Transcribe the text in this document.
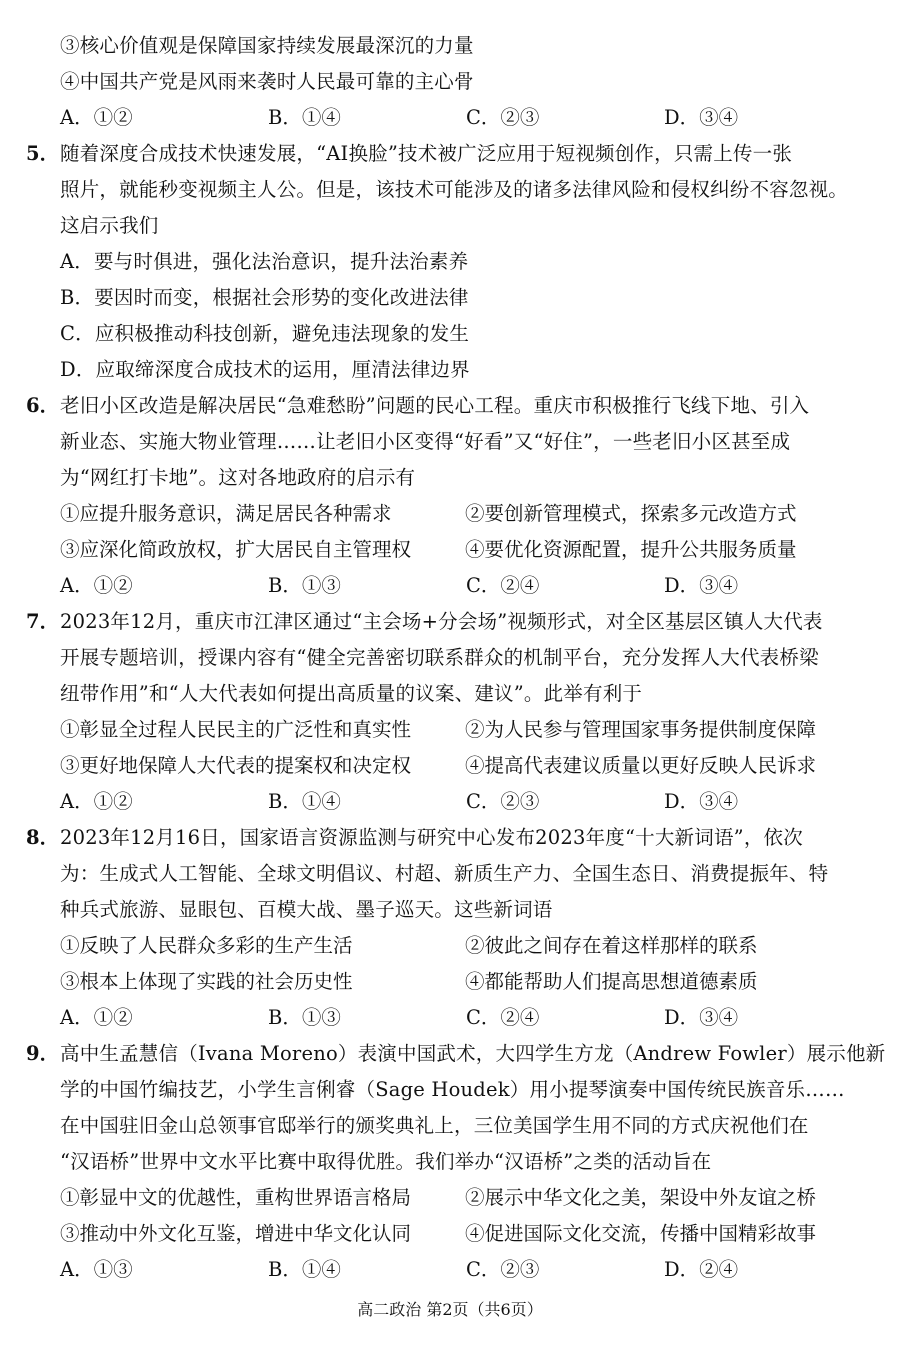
③核心价值观是保障国家持续发展最深沉的力量
④中国共产党是风雨来袭时人民最可靠的主心骨
A．①②	B．①④	C．②③	D．③④
5． 随着深度合成技术快速发展，“AI换脸”技术被广泛应用于短视频创作，只需上传一张
照片，就能秒变视频主人公。但是，该技术可能涉及的诸多法律风险和侵权纠纷不容忽视。
这启示我们
A．要与时俱进，强化法治意识，提升法治素养
B．要因时而变，根据社会形势的变化改进法律
C．应积极推动科技创新，避免违法现象的发生
D．应取缔深度合成技术的运用，厘清法律边界
6． 老旧小区改造是解决居民“急难愁盼”问题的民心工程。重庆市积极推行飞线下地、引入
新业态、实施大物业管理……让老旧小区变得“好看”又“好住”，一些老旧小区甚至成
为“网红打卡地”。这对各地政府的启示有
①应提升服务意识，满足居民各种需求	②要创新管理模式，探索多元改造方式
③应深化简政放权，扩大居民自主管理权	④要优化资源配置，提升公共服务质量
A．①②	B．①③	C．②④	D．③④
7． 2023年12月，重庆市江津区通过“主会场+分会场”视频形式，对全区基层区镇人大代表
开展专题培训，授课内容有“健全完善密切联系群众的机制平台，充分发挥人大代表桥梁
纽带作用”和“人大代表如何提出高质量的议案、建议”。此举有利于
①彰显全过程人民民主的广泛性和真实性	②为人民参与管理国家事务提供制度保障
③更好地保障人大代表的提案权和决定权	④提高代表建议质量以更好反映人民诉求
A．①②	B．①④	C．②③	D．③④
8． 2023年12月16日，国家语言资源监测与研究中心发布2023年度“十大新词语”，依次
为：生成式人工智能、全球文明倡议、村超、新质生产力、全国生态日、消费提振年、特
种兵式旅游、显眼包、百模大战、墨子巡天。这些新词语
①反映了人民群众多彩的生产生活	②彼此之间存在着这样那样的联系
③根本上体现了实践的社会历史性	④都能帮助人们提高思想道德素质
A．①②	B．①③	C．②④	D．③④
9． 高中生孟慧信（Ivana Moreno）表演中国武术，大四学生方龙（Andrew Fowler）展示他新
学的中国竹编技艺，小学生言俐睿（Sage Houdek）用小提琴演奏中国传统民族音乐……
在中国驻旧金山总领事官邸举行的颁奖典礼上，三位美国学生用不同的方式庆祝他们在
“汉语桥”世界中文水平比赛中取得优胜。我们举办“汉语桥”之类的活动旨在
①彰显中文的优越性，重构世界语言格局	②展示中华文化之美，架设中外友谊之桥
③推动中外文化互鉴，增进中华文化认同	④促进国际文化交流，传播中国精彩故事
A．①③	B．①④	C．②③	D．②④
高二政治 第2页（共6页）
